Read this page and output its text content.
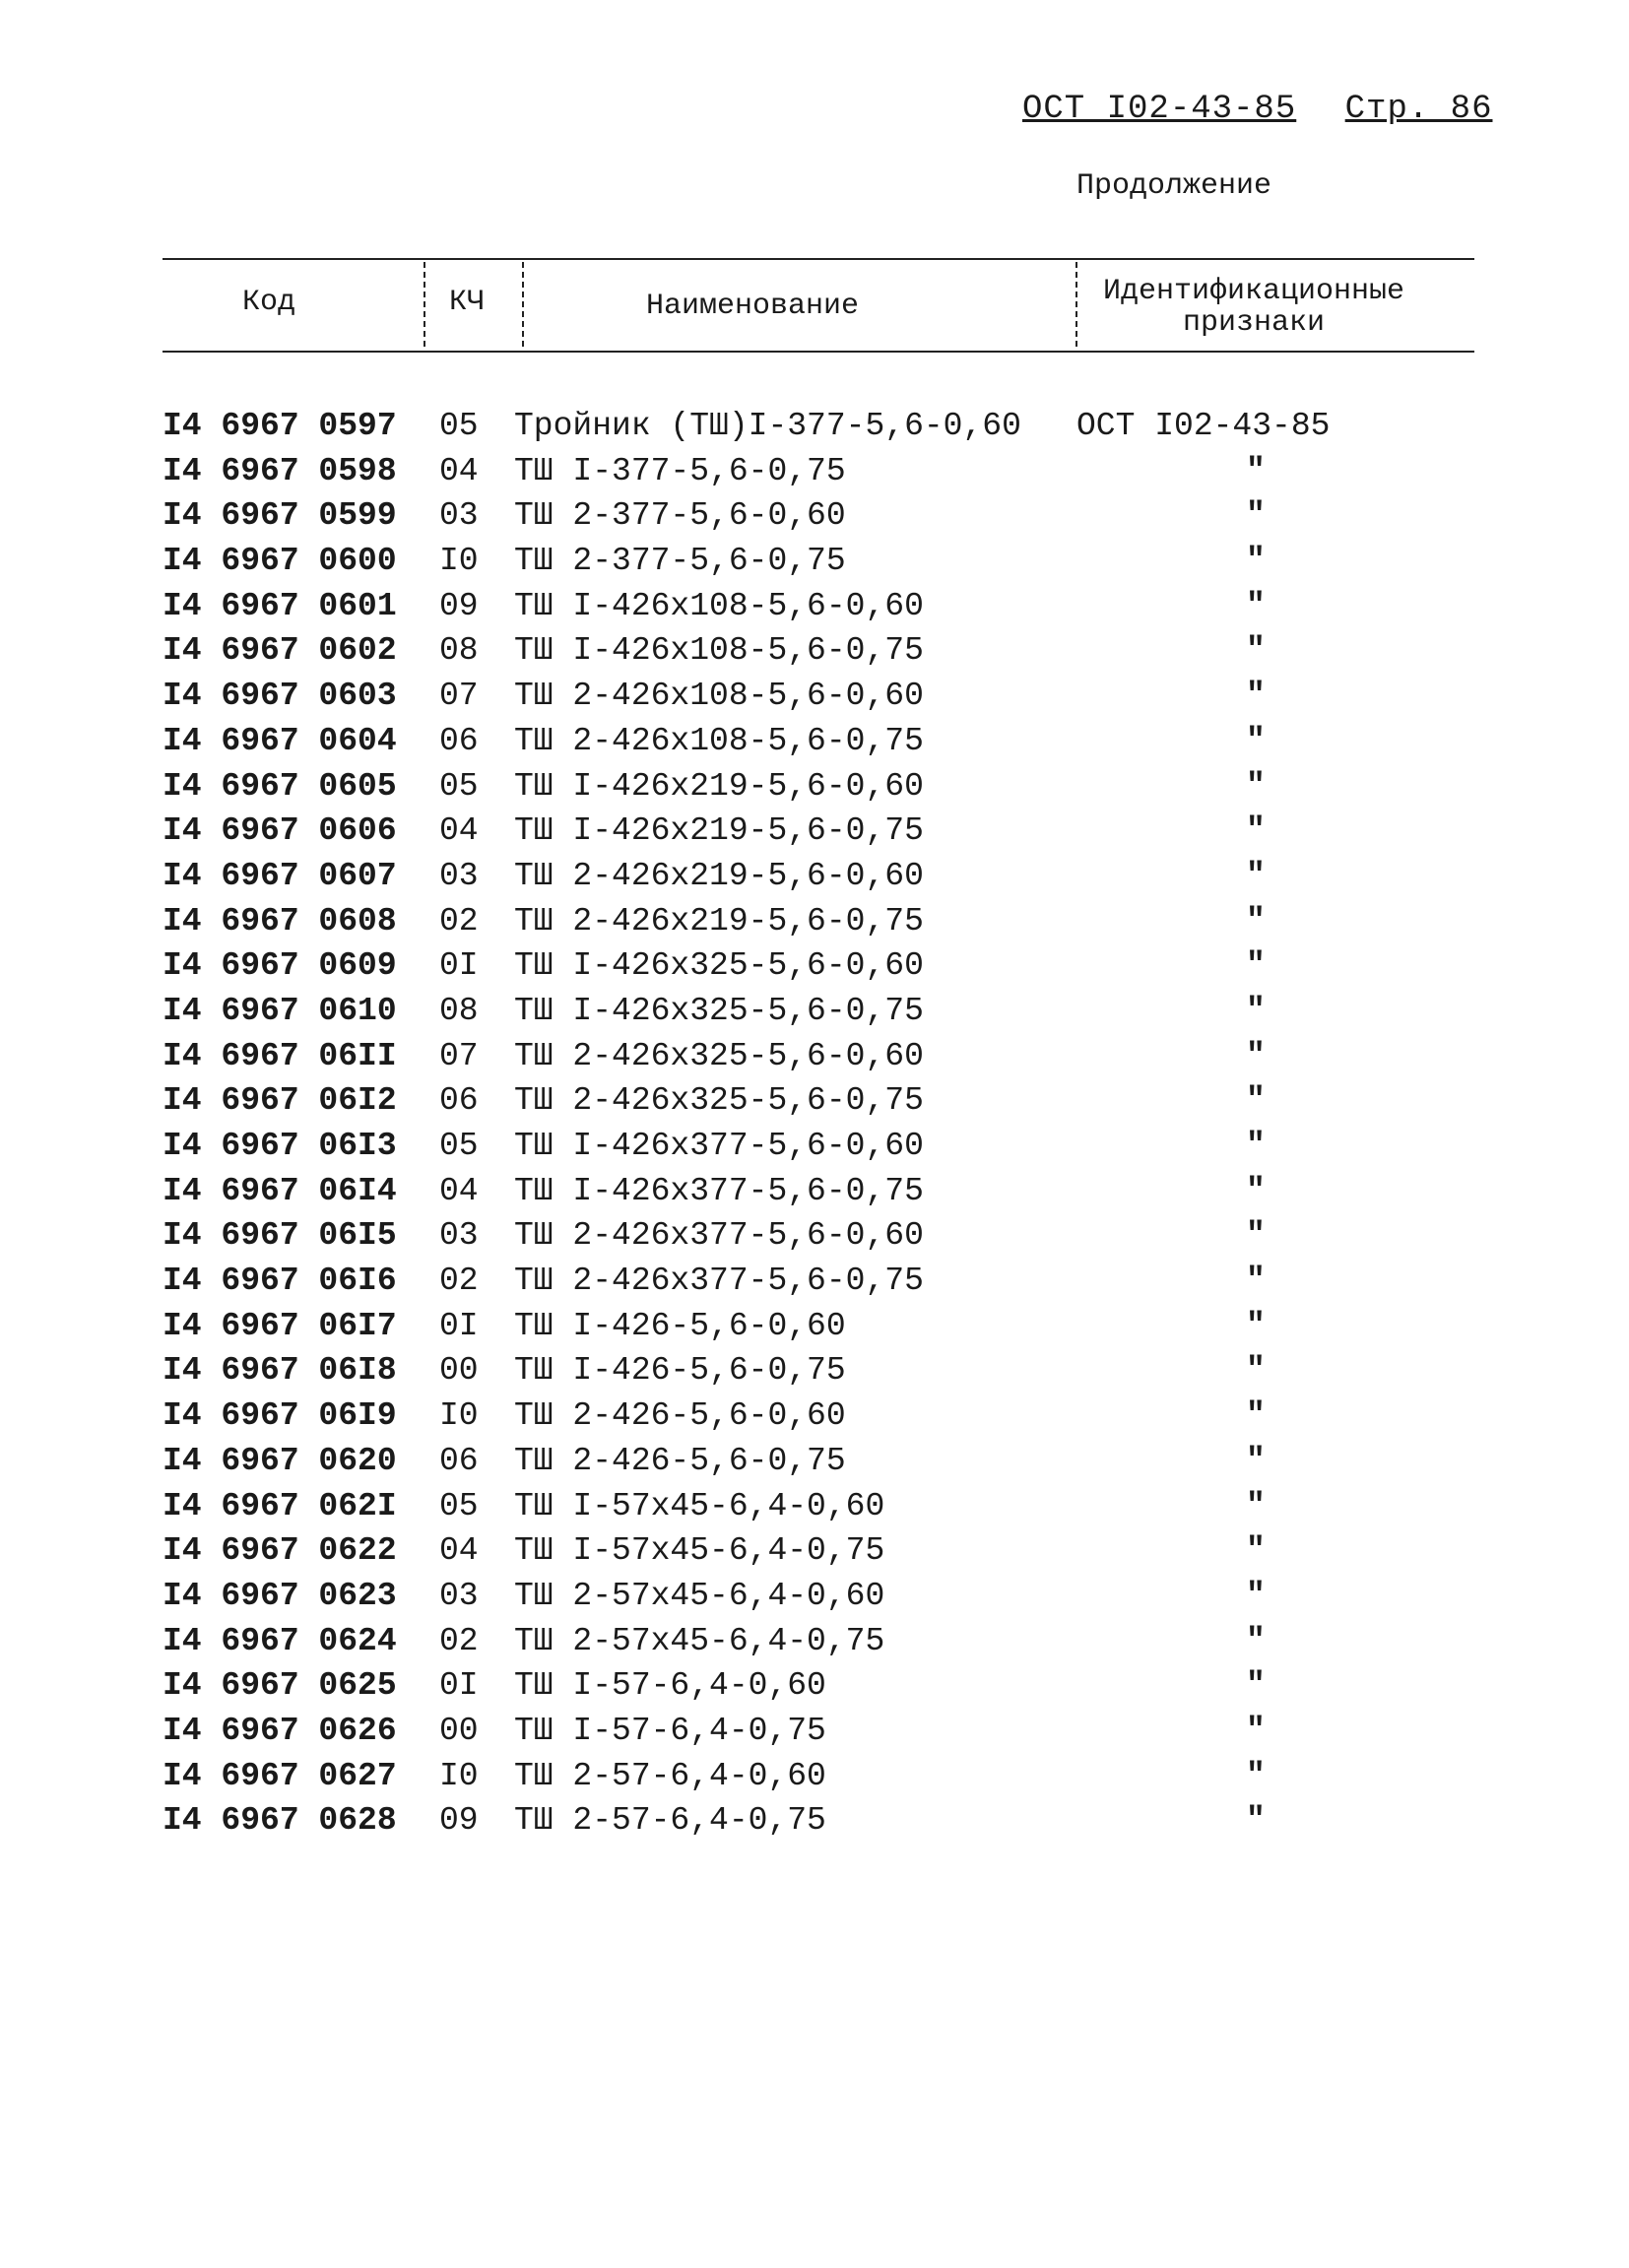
ОСТ I02-43-85 Стр. 86
Продолжение
Код	КЧ	Наименование	Идентификационные
признаки
I4 6967 0597 05 Тройник (ТШ)I-377-5,6-0,60 ОСТ I02-43-85
I4 6967 0598 04 ТШ I-377-5,6-0,75	"
I4 6967 0599 03 ТШ 2-377-5,6-0,60	"
I4 6967 0600 I0 ТШ 2-377-5,6-0,75	"
I4 6967 0601 09 ТШ I-426x108-5,6-0,60	"
I4 6967 0602 08 ТШ I-426x108-5,6-0,75	"
I4 6967 0603 07 ТШ 2-426x108-5,6-0,60	"
I4 6967 0604 06 ТШ 2-426x108-5,6-0,75	"
I4 6967 0605 05 ТШ I-426x219-5,6-0,60	"
I4 6967 0606 04 ТШ I-426x219-5,6-0,75	"
I4 6967 0607 03 ТШ 2-426x219-5,6-0,60	"
I4 6967 0608 02 ТШ 2-426x219-5,6-0,75	"
I4 6967 0609 0I ТШ I-426x325-5,6-0,60	"
I4 6967 0610 08 ТШ I-426x325-5,6-0,75	"
I4 6967 06II 07 ТШ 2-426x325-5,6-0,60	"
I4 6967 06I2 06 ТШ 2-426x325-5,6-0,75	"
I4 6967 06I3 05 ТШ I-426x377-5,6-0,60	"
I4 6967 06I4 04 ТШ I-426x377-5,6-0,75	"
I4 6967 06I5 03 ТШ 2-426x377-5,6-0,60	"
I4 6967 06I6 02 ТШ 2-426x377-5,6-0,75	"
I4 6967 06I7 0I ТШ I-426-5,6-0,60	"
I4 6967 06I8 00 ТШ I-426-5,6-0,75	"
I4 6967 06I9 I0 ТШ 2-426-5,6-0,60	"
I4 6967 0620 06 ТШ 2-426-5,6-0,75	"
I4 6967 062I 05 ТШ I-57x45-6,4-0,60	"
I4 6967 0622 04 ТШ I-57x45-6,4-0,75	"
I4 6967 0623 03 ТШ 2-57x45-6,4-0,60	"
I4 6967 0624 02 ТШ 2-57x45-6,4-0,75	"
I4 6967 0625 0I ТШ I-57-6,4-0,60	"
I4 6967 0626 00 ТШ I-57-6,4-0,75	"
I4 6967 0627 I0 ТШ 2-57-6,4-0,60	"
I4 6967 0628 09 ТШ 2-57-6,4-0,75	"
